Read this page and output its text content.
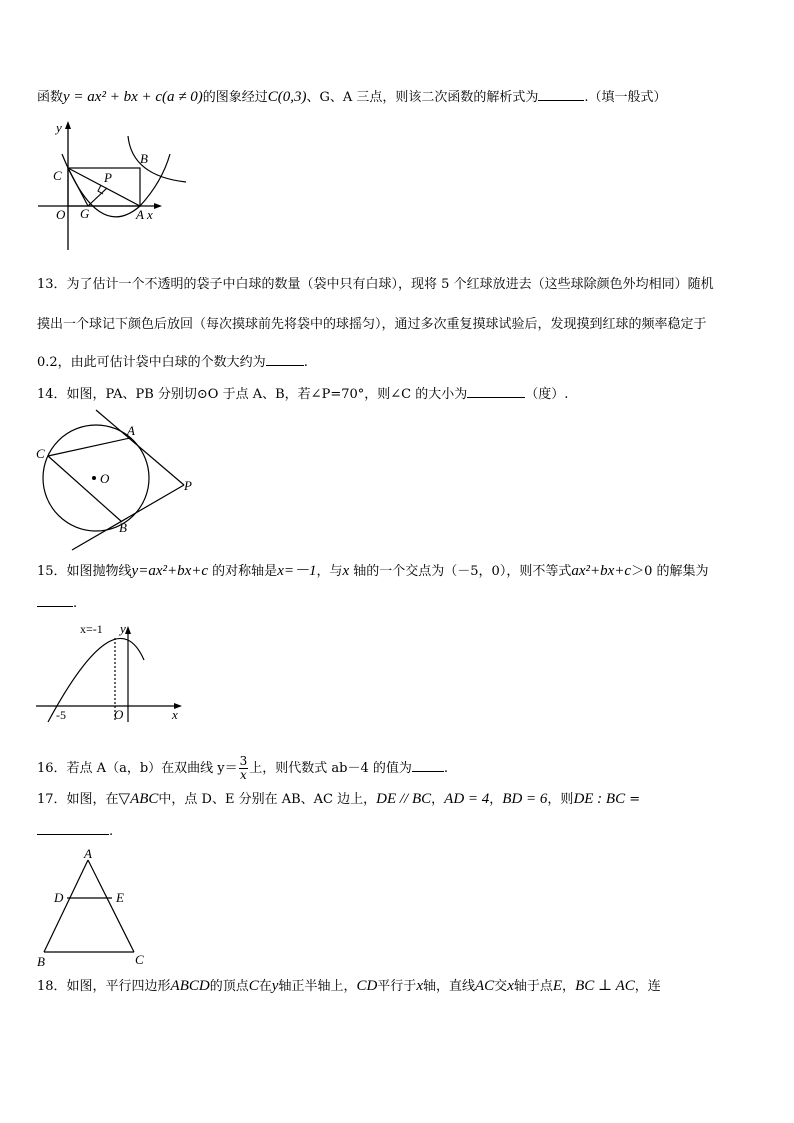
函数y = ax² + bx + c(a ≠ 0)的图象经过C(0,3)、G、A 三点，则该二次函数的解析式为	.（填一般式）
y
B
C	P
O G	A x
13．为了估计一个不透明的袋子中白球的数量（袋中只有白球），现将 5 个红球放进去（这些球除颜色外均相同）随机
摸出一个球记下颜色后放回（每次摸球前先将袋中的球摇匀），通过多次重复摸球试验后，发现摸到红球的频率稳定于
0.2，由此可估计袋中白球的个数大约为	.
14．如图，PA、PB 分别切⊙O 于点 A、B，若∠P=70°，则∠C 的大小为	（度）.
A
C
O	P
B
15．如图抛物线y=ax²+bx+c 的对称轴是x=－1，与x 轴的一个交点为（－5，0），则不等式ax²+bx+c＞0 的解集为
.
x=-1 y
-5	O	x
16．若点 A（a，b）在双曲线 $y= \frac{3}{x}$ 上，则代数式 ab－4 的值为 .
17．如图，在▽ABC中，点 D、E 分别在 AB、AC 边上，DE // BC，AD = 4，BD = 6，则DE : BC =
.
A
D	E
B	C
18．如图，平行四边形ABCD的顶点C在y轴正半轴上，CD平行于x轴，直线AC交x轴于点E，BC ⊥ AC，连
